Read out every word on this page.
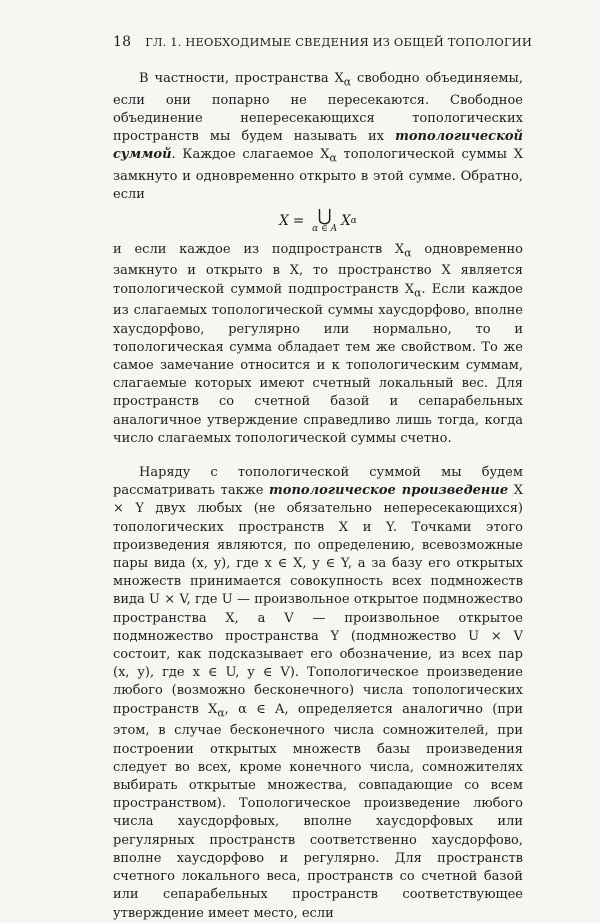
18 ГЛ. 1. НЕОБХОДИМЫЕ СВЕДЕНИЯ ИЗ ОБЩЕЙ ТОПОЛОГИИ

В частности, пространства $X_\alpha$ свободно объединяемы, если они попарно не пересекаются. Свободное объединение непересекающихся топологических пространств мы будем называть их топологической суммой. Каждое слагаемое $X_\alpha$ топологической суммы X замкнуто и одновременно открыто в этой сумме. Обратно, если

X = ⋃
α ∈ A
X α

и если каждое из подпространств $X_\alpha$ одновременно замкнуто и открыто в X, то пространство X является топологической суммой подпространств $X_\alpha$. Если каждое из слагаемых топологической суммы хаусдорфово, вполне хаусдорфово, регулярно или нормально, то и топологическая сумма обладает тем же свойством. То же самое замечание относится и к топологическим суммам, слагаемые которых имеют счетный локальный вес. Для пространств со счетной базой и сепарабельных аналогичное утверждение справедливо лишь тогда, когда число слагаемых топологической суммы счетно.

Наряду с топологической суммой мы будем рассматривать также топологическое произведение X × Y двух любых (не обязательно непересекающихся) топологических пространств X и Y. Точками этого произведения являются, по определению, всевозможные пары вида (x, y), где x ∈ X, y ∈ Y, а за базу его открытых множеств принимается совокупность всех подмножеств вида U × V, где U — произвольное открытое подмножество пространства X, а V — произвольное открытое подмножество пространства Y (подмножество U × V состоит, как подсказывает его обозначение, из всех пар (x, y), где x ∈ U, y ∈ V). Топологическое произведение любого (возможно бесконечного) числа топологических пространств $X_\alpha$, α ∈ A, определяется аналогично (при этом, в случае бесконечного числа сомножителей, при построении открытых множеств базы произведения следует во всех, кроме конечного числа, сомножителях выбирать открытые множества, совпадающие со всем пространством). Топологическое произведение любого числа хаусдорфовых, вполне хаусдорфовых или регулярных пространств соответственно хаусдорфово, вполне хаусдорфово и регулярно. Для пространств счетного локального веса, пространств со счетной базой или сепарабельных пространств соответствующее утверждение имеет место, если
